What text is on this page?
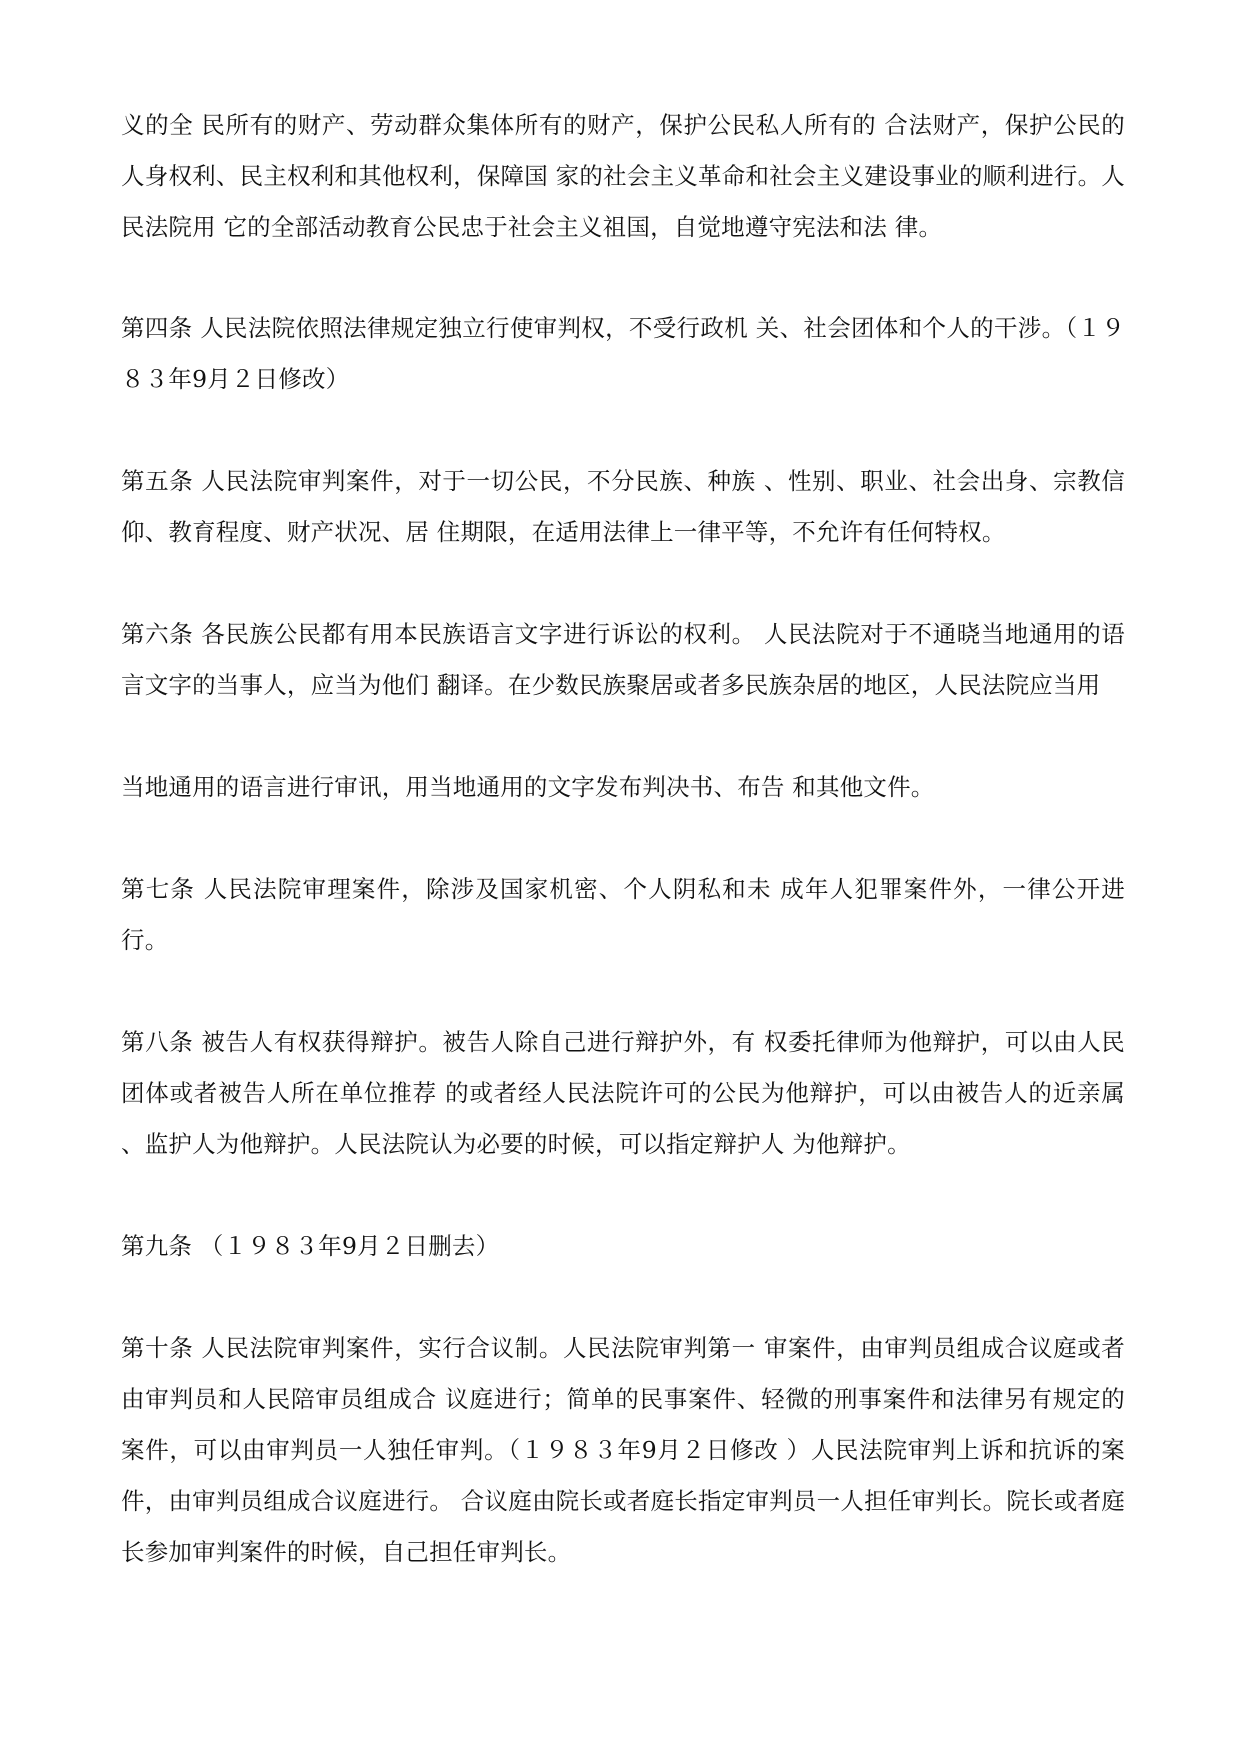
义的全 民所有的财产、劳动群众集体所有的财产，保护公民私人所有的 合法财产，保护公民的人身权利、民主权利和其他权利，保障国 家的社会主义革命和社会主义建设事业的顺利进行。人民法院用 它的全部活动教育公民忠于社会主义祖国，自觉地遵守宪法和法 律。

第四条 人民法院依照法律规定独立行使审判权，不受行政机 关、社会团体和个人的干涉。（１９８３年9月２日修改）

第五条 人民法院审判案件，对于一切公民，不分民族、种族 、性别、职业、社会出身、宗教信仰、教育程度、财产状况、居 住期限，在适用法律上一律平等，不允许有任何特权。

第六条 各民族公民都有用本民族语言文字进行诉讼的权利。 人民法院对于不通晓当地通用的语言文字的当事人，应当为他们 翻译。在少数民族聚居或者多民族杂居的地区，人民法院应当用

当地通用的语言进行审讯，用当地通用的文字发布判决书、布告 和其他文件。

第七条 人民法院审理案件，除涉及国家机密、个人阴私和未 成年人犯罪案件外，一律公开进行。

第八条 被告人有权获得辩护。被告人除自己进行辩护外，有 权委托律师为他辩护，可以由人民团体或者被告人所在单位推荐 的或者经人民法院许可的公民为他辩护，可以由被告人的近亲属 、监护人为他辩护。人民法院认为必要的时候，可以指定辩护人 为他辩护。

第九条 （１９８３年9月２日删去）

第十条 人民法院审判案件，实行合议制。人民法院审判第一 审案件，由审判员组成合议庭或者由审判员和人民陪审员组成合 议庭进行；简单的民事案件、轻微的刑事案件和法律另有规定的 案件，可以由审判员一人独任审判。（１９８３年9月２日修改 ）人民法院审判上诉和抗诉的案件，由审判员组成合议庭进行。 合议庭由院长或者庭长指定审判员一人担任审判长。院长或者庭 长参加审判案件的时候，自己担任审判长。
